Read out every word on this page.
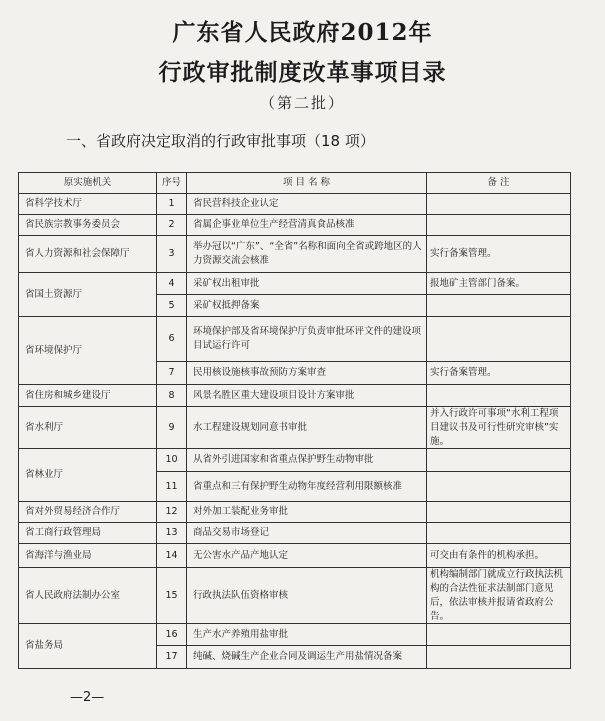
广东省人民政府2012年
行政审批制度改革事项目录
（第二批）
一、省政府决定取消的行政审批事项（18 项）
原实施机关	序号	项 目 名 称	备 注
省科学技术厅	1	省民营科技企业认定	
省民族宗教事务委员会	2	省属企事业单位生产经营清真食品核准	
省人力资源和社会保障厅	3	举办冠以“广东”、“全省”名称和面向全省或跨地区的人力资源交流会核准	实行备案管理。
省国土资源厅	4	采矿权出租审批	报地矿主管部门备案。
	5	采矿权抵押备案	
省环境保护厅	6	环境保护部及省环境保护厅负责审批环评文件的建设项目试运行许可	
	7	民用核设施核事故预防方案审查	实行备案管理。
省住房和城乡建设厅	8	风景名胜区重大建设项目设计方案审批	
省水利厅	9	水工程建设规划同意书审批	并入行政许可事项“水利工程项目建议书及可行性研究审核”实施。
省林业厅	10	从省外引进国家和省重点保护野生动物审批	
	11	省重点和三有保护野生动物年度经营利用限额核准	
省对外贸易经济合作厅	12	对外加工装配业务审批	
省工商行政管理局	13	商品交易市场登记	
省海洋与渔业局	14	无公害水产品产地认定	可交由有条件的机构承担。
省人民政府法制办公室	15	行政执法队伍资格审核	机构编制部门就成立行政执法机构的合法性征求法制部门意见后，依法审核并报请省政府公告。
省盐务局	16	生产水产养殖用盐审批	
	17	纯碱、烧碱生产企业合同及调运生产用盐情况备案	
—2—
